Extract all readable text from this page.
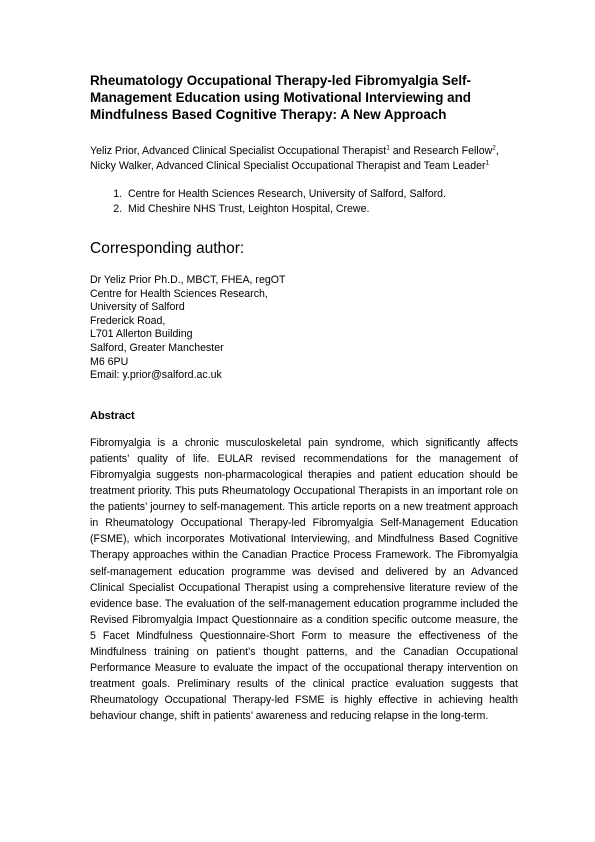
Rheumatology Occupational Therapy-led Fibromyalgia Self-Management Education using Motivational Interviewing and Mindfulness Based Cognitive Therapy: A New Approach
Yeliz Prior, Advanced Clinical Specialist Occupational Therapist$^1$ and Research Fellow$^2$, Nicky Walker, Advanced Clinical Specialist Occupational Therapist and Team Leader$^1$
1. Centre for Health Sciences Research, University of Salford, Salford.
2. Mid Cheshire NHS Trust, Leighton Hospital, Crewe.
Corresponding author:
Dr Yeliz Prior Ph.D., MBCT, FHEA, regOT
Centre for Health Sciences Research,
University of Salford
Frederick Road,
L701 Allerton Building
Salford, Greater Manchester
M6 6PU
Email: y.prior@salford.ac.uk
Abstract

Fibromyalgia is a chronic musculoskeletal pain syndrome, which significantly affects patients’ quality of life. EULAR revised recommendations for the management of Fibromyalgia suggests non-pharmacological therapies and patient education should be treatment priority. This puts Rheumatology Occupational Therapists in an important role on the patients’ journey to self-management. This article reports on a new treatment approach in Rheumatology Occupational Therapy-led Fibromyalgia Self-Management Education (FSME), which incorporates Motivational Interviewing, and Mindfulness Based Cognitive Therapy approaches within the Canadian Practice Process Framework. The Fibromyalgia self-management education programme was devised and delivered by an Advanced Clinical Specialist Occupational Therapist using a comprehensive literature review of the evidence base. The evaluation of the self-management education programme included the Revised Fibromyalgia Impact Questionnaire as a condition specific outcome measure, the 5 Facet Mindfulness Questionnaire-Short Form to measure the effectiveness of the Mindfulness training on patient’s thought patterns, and the Canadian Occupational Performance Measure to evaluate the impact of the occupational therapy intervention on treatment goals. Preliminary results of the clinical practice evaluation suggests that Rheumatology Occupational Therapy-led FSME is highly effective in achieving health behaviour change, shift in patients’ awareness and reducing relapse in the long-term.
